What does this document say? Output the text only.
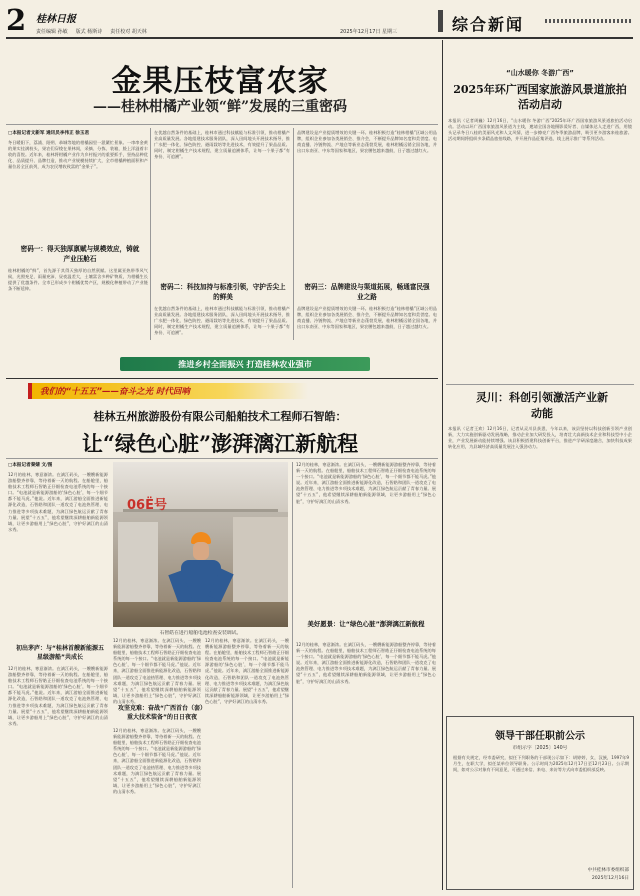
2 桂林日报
责任编辑 孙敏 版式 杨斯诗 责任校对 胡天林	2025年12月17日 星期三	综合新闻
金果压枝富农家
——桂林柑橘产业领“鲜”发展的三重密码
□本报记者文新军 通讯员李伟正 徐玉君
冬日暖阳下，荔浦、阳朔、恭城等地的柑橘园里一派繁忙景象。一串串金黄的果实挂满枝头，果农们穿梭在果林间，采摘、分拣、装箱，脸上洋溢着丰收的喜悦。近年来，桂林将柑橘产业作为乡村振兴的重要抓手，坚持品种优化、品质提升、品牌打造，推动产业规模持续扩大，全市柑橘种植面积和产量位居全区前列，成为农民增收致富的“金果子”。
密码一：得天独厚禀赋与规模效应，铸就产业压舱石
桂林柑橘的“鲜”，首先源于其得天独厚的自然禀赋。这里属亚热带季风气候，光照充足、雨量充沛、昼夜温差大，土壤富含多种矿物质，为柑橘生长提供了优越条件。全市已形成多个柑橘优势产区，规模化种植带动了产业链条不断延伸。
在优越自然条件的基础上，桂林市通过科技赋能与标准引领，推动柑橘产业高质量发展。各地组建技术服务团队，深入田间地头开展技术指导，推广水肥一体化、绿色防控、避雨栽培等先进技术，有效提升了果品品质。同时，制定柑橘生产技术规程，建立质量追溯体系，让每一个果子都“有身份、可追溯”。
密码二：科技加持与标准引领，守护舌尖上的鲜美
在优越自然条件的基础上，桂林市通过科技赋能与标准引领，推动柑橘产业高质量发展。各地组建技术服务团队，深入田间地头开展技术指导，推广水肥一体化、绿色防控、避雨栽培等先进技术，有效提升了果品品质。同时，制定柑橘生产技术规程，建立质量追溯体系，让每一个果子都“有身份、可追溯”。
品牌建设是产业提质增效的关键一环。桂林积极打造“桂林柑橘”区域公用品牌，组织企业参加各类展销会、推介会，不断提升品牌知名度和美誉度。电商直播、冷链物流、产地仓等新业态蓬勃发展，桂林柑橘远销全国各地，并出口东南亚、中东等国家和地区，果农腰包越来越鼓，日子越过越红火。
密码三：品牌建设与渠道拓展，畅通富民强业之路
品牌建设是产业提质增效的关键一环。桂林积极打造“桂林柑橘”区域公用品牌，组织企业参加各类展销会、推介会，不断提升品牌知名度和美誉度。电商直播、冷链物流、产地仓等新业态蓬勃发展，桂林柑橘远销全国各地，并出口东南亚、中东等国家和地区，果农腰包越来越鼓，日子越过越红火。
推进乡村全面振兴 打造桂林农业强市
我们的“十五五”——奋斗之光 时代回响
桂林五州旅游股份有限公司船舶技术工程师石智皓：
让“绿色心脏”澎湃漓江新航程
□本报记者秦婧 文/图
12月的桂林，寒意渐浓。在漓江码头，一艘艘新能源游船整齐停靠，等待着新一天的航程。在船舱里，船舶技术工程师石智皓正仔细检查电池系统的每一个接口。“电池就是新能源游船的‘绿色心脏’，每一个细节都不能马虎。”他说。近年来，漓江游船全面推进新能源化改造，石智皓和团队一道攻克了电池热管理、电力推进等多项技术难题，为漓江绿色航运贡献了青春力量。展望“十五五”，他希望继续深耕船舶新能源领域，让更多游船用上“绿色心脏”，守护好漓江的山清水秀。
初出茅庐：与“桂林首艘新能源五星级游船”共成长
12月的桂林，寒意渐浓。在漓江码头，一艘艘新能源游船整齐停靠，等待着新一天的航程。在船舱里，船舶技术工程师石智皓正仔细检查电池系统的每一个接口。“电池就是新能源游船的‘绿色心脏’，每一个细节都不能马虎。”他说。近年来，漓江游船全面推进新能源化改造，石智皓和团队一道攻克了电池热管理、电力推进等多项技术难题，为漓江绿色航运贡献了青春力量。展望“十五五”，他希望继续深耕船舶新能源领域，让更多游船用上“绿色心脏”，守护好漓江的山清水秀。
06Ё号
石智皓在进行船舶电池检查安装调试。
攻坚克难：奋战“广西首台（套）重大技术装备”的日日夜夜
12月的桂林，寒意渐浓。在漓江码头，一艘艘新能源游船整齐停靠，等待着新一天的航程。在船舱里，船舶技术工程师石智皓正仔细检查电池系统的每一个接口。“电池就是新能源游船的‘绿色心脏’，每一个细节都不能马虎。”他说。近年来，漓江游船全面推进新能源化改造，石智皓和团队一道攻克了电池热管理、电力推进等多项技术难题，为漓江绿色航运贡献了青春力量。展望“十五五”，他希望继续深耕船舶新能源领域，让更多游船用上“绿色心脏”，守护好漓江的山清水秀。
12月的桂林，寒意渐浓。在漓江码头，一艘艘新能源游船整齐停靠，等待着新一天的航程。在船舱里，船舶技术工程师石智皓正仔细检查电池系统的每一个接口。“电池就是新能源游船的‘绿色心脏’，每一个细节都不能马虎。”他说。近年来，漓江游船全面推进新能源化改造，石智皓和团队一道攻克了电池热管理、电力推进等多项技术难题，为漓江绿色航运贡献了青春力量。展望“十五五”，他希望继续深耕船舶新能源领域，让更多游船用上“绿色心脏”，守护好漓江的山清水秀。
12月的桂林，寒意渐浓。在漓江码头，一艘艘新能源游船整齐停靠，等待着新一天的航程。在船舱里，船舶技术工程师石智皓正仔细检查电池系统的每一个接口。“电池就是新能源游船的‘绿色心脏’，每一个细节都不能马虎。”他说。近年来，漓江游船全面推进新能源化改造，石智皓和团队一道攻克了电池热管理、电力推进等多项技术难题，为漓江绿色航运贡献了青春力量。展望“十五五”，他希望继续深耕船舶新能源领域，让更多游船用上“绿色心脏”，守护好漓江的山清水秀。
12月的桂林，寒意渐浓。在漓江码头，一艘艘新能源游船整齐停靠，等待着新一天的航程。在船舱里，船舶技术工程师石智皓正仔细检查电池系统的每一个接口。“电池就是新能源游船的‘绿色心脏’，每一个细节都不能马虎。”他说。近年来，漓江游船全面推进新能源化改造，石智皓和团队一道攻克了电池热管理、电力推进等多项技术难题，为漓江绿色航运贡献了青春力量。展望“十五五”，他希望继续深耕船舶新能源领域，让更多游船用上“绿色心脏”，守护好漓江的山清水秀。
美好愿景：让“绿色心脏”澎湃漓江新航程
12月的桂林，寒意渐浓。在漓江码头，一艘艘新能源游船整齐停靠，等待着新一天的航程。在船舱里，船舶技术工程师石智皓正仔细检查电池系统的每一个接口。“电池就是新能源游船的‘绿色心脏’，每一个细节都不能马虎。”他说。近年来，漓江游船全面推进新能源化改造，石智皓和团队一道攻克了电池热管理、电力推进等多项技术难题，为漓江绿色航运贡献了青春力量。展望“十五五”，他希望继续深耕船舶新能源领域，让更多游船用上“绿色心脏”，守护好漓江的山清水秀。
“山水暖你 冬游广西”
2025年环广西国家旅游风景道旅拍活动启动
本报讯（记者周巍）12月16日，“山水暖你 冬游广西”2025年环广西国家旅游风景道旅拍活动启动。活动以环广西国家旅游风景道为主线，邀请全国各地摄影爱好者、自媒体达人走进广西，用镜头记录冬日八桂的美丽风光和人文风情，进一步擦亮广西冬季旅游品牌，吸引更多游客来桂旅游。活动期间将组织多条精品旅拍线路，并开展作品征集评选、线上展示推广等系列活动。
灵川：科创引领激活产业新动能
本报讯（记者王欢）12月16日，记者从灵川县获悉，今年以来，该县坚持以科技创新引领产业创新，大力实施创新驱动发展战略，推动企业加大研发投入，培育壮大高新技术企业和科技型中小企业，产业发展新动能持续增强。该县积极搭建科技创新平台，推进产学研深度融合，加快科技成果转化应用，为县域经济高质量发展注入强劲动力。
领导干部任职前公示
市组示字〔2025〕140号
根据有关规定，经市委研究，拟任下列职务的干部现公示如下：胡婷婷，女，汉族，1997年9月生，在职大学，拟任某单位领导职务。公示时间为2025年12月17日至12月23日。公示期间，如对公示对象有不同意见，可通过来信、来电、来访等方式向市委组织部反映。
中共桂林市委组织部
2025年12月16日
